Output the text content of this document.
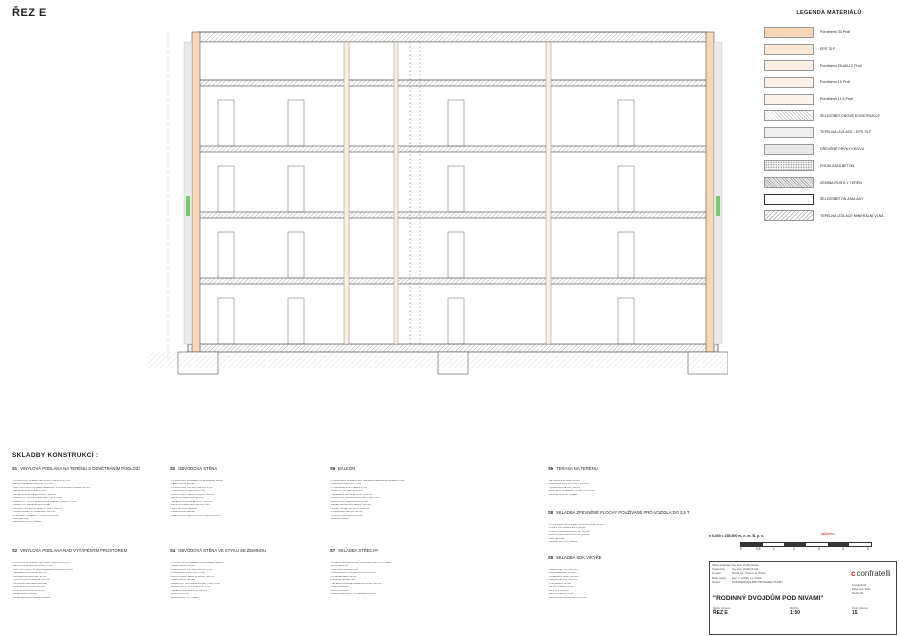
ŘEZ E	LEGENDA MATERIÁLŮ
Porotherm 30 Profi
EPS 70 F
Porotherm 25 AKU Z Profi
Porotherm 15 Profi
Porotherm 11,5 Profi
ŽELEZOBETONOVÉ KONSTRUKCE
TEPELNÁ IZOLACE - EPS 70 F
DŘEVĚNÉ PRVKY KROVU
PODKLADNÍ BETON
ZEMINA ROSTLÝ TERÉN
ŽELEZOBETON ZÁKLADY
TEPELNÁ IZOLACE MINERÁLNÍ VLNA
SKLADBY KONSTRUKCÍ :
S1 VINYLOVÁ PODLAHA NA TERÉNU S ODVĚTRÁNÍM PODLOŽÍ
- POVRCHOVÁ ÚPRAVA VINYLOVÁ PODLAHA, 4,5 mm
- LEPICÍ DISPERZNÍ LEPIDLO, 1,5 mm
- ANHYDRITOVÁ LITÁ SAMONIVELAČNÍ VYROVNÁVACÍ STĚRKA, 60 mm
- SEPARAČNÍ PE FÓLIE, 0,2 mm
- TEPELNÁ IZOLACE EPS 100 S, 100 mm
- ASFALTOVÝ PÁS MODIFIKOVANÝ SBS, 4 mm
- ASFALTOVÝ PÁS S VLOŽKOU ZE SKELNÉ TKANINY, 4 mm
- ASFALTOVÝ PENETRAČNÍ NÁTĚR
- NOSNÁ PODKLADNÍ DESKA C 25/30, 150 mm
- ODVĚTRÁVACÍ SYSTÉM IGLŮ, 400 mm
- ZHUTNĚNÝ ŠTĚRKOVÝ PODSYP, 150 mm
- GEOTEXTILIE
- ZEMINA, ROSTLÝ TERÉN
S2 VINYLOVÁ PODLAHA NAD VYTÁPĚNÝM PROSTOREM
- POVRCHOVÁ ÚPRAVA VINYLOVÁ PODLAHA, 4,5 mm
- LEPICÍ DISPERZNÍ LEPIDLO, 1,5 mm
- ANHYDRITOVÁ LITÁ SAMONIVELAČNÍ STĚRKA, 60 mm
- SEPARAČNÍ PE FÓLIE, 0,2 mm
- KROČEJOVÁ IZOLACE, 40 mm
- STROPNÍ KONSTRUKCE, 250 mm
- SPOJOVACÍ ADHEZNÍ MŮSTEK
- PODKLADNÍ OMÍTKA, 10 mm
- POVRCHOVÁ OMÍTKA, 2 mm
- PENETRAČNÍ NÁTĚR
- INTERIÉROVÁ DISPERZNÍ BARVA
S3 OBVODOVÁ STĚNA
- POVRCHOVÁ INTERIÉROVÁ DISPERZNÍ BARVA
- PENETRAČNÍ NÁTĚR
- POVRCHOVÁ VNITŘNÍ OMÍTKA, 2 mm
- PODKLADOVÁ OMÍTKA, 15 mm
- ZDIVO POROTHERM 30 PROFI, 300 mm
- LEPICÍ A STĚRKOVÁ HMOTA
- TEPELNÁ IZOLACE EPS 70 F, 160 mm
- LEPICÍ A STĚRKOVÁ HMOTA, 4 mm
- SKLOTEXTILNÍ MŘÍŽKA
- PENETRAČNÍ NÁTĚR
- SILIKONOVÁ TENKOVRSTVÁ OMÍTKA, 2 mm
S4 OBVODOVÁ STĚNA VE STYKU SE ZEMINOU
- POVRCHOVÁ INTERIÉROVÁ DISPERZNÍ BARVA
- PENETRAČNÍ NÁTĚR
- POVRCHOVÁ VNITŘNÍ OMÍTKA, 2 mm
- PODKLADOVÁ OMÍTKA, 15 mm
- ZDIVO POROTHERM 30 PROFI, 300 mm
- PENETRAČNÍ NÁTĚR
- ASFALTOVÝ PÁS MODIFIKOVANÝ SBS, 4 mm
- ASFALTOVÝ PÁS S VLOŽKOU, 4 mm
- TEPELNÁ IZOLACE XPS, 160 mm
- NOPOVÁ FÓLIE
- ZEMINA, ROSTLÝ TERÉN
S5 BALKÓN
- POVRCHOVÁ ÚPRAVA PROTISKLUZNÁ KERAMICKÁ DLAŽBA, 8 mm
- FLEXIBILNÍ LEPIDLO, 5 mm
- HYDROIZOLAČNÍ STĚRKA, 2 mm
- SPÁDOVÝ POTĚR, 40-60 mm
- TEPELNÁ IZOLACE EPS 150 S, 80 mm
- ASFALTOVÝ PÁS MODIFIKOVANÝ SBS, 4 mm
- ASFALTOVÝ PENETRAČNÍ NÁTĚR
- ŽELEZOBETONOVÁ DESKA, 200 mm
- NOSNÝ PRVEK SCHÖCK ISOKORB
- PODKLADNÍ OMÍTKA, 10 mm
- POVRCHOVÁ OMÍTKA, 2 mm
- FASÁDNÍ BARVA
S7 SKLADBA STŘECHY
- STŘEŠNÍ SKLÁDANÁ KRYTINA Z BETONOVÝCH TAŠEK
- LATĚ 40x60 mm
- KONTRALATĚ 40x60 mm
- DOPLŇKOVÁ HYDROIZOLAČNÍ VRSTVA
- PLNÉ BEDNĚNÍ, 24 mm
- KROKVE 100x160 mm
- TEPELNÁ IZOLACE MINERÁLNÍ VLNA, 160 mm
- PAROZÁBRANA
- ROŠT 30x50 mm
- SÁDROKARTONOVÝ PODHLED, 12,5 mm
S6 TERASA NA TERÉNU
- BETONOVÁ DLAŽBA, 60 mm
- DRENÁŽNÍ VRSTVA Z DRTI, 100 mm
- PODKLADNÍ BETON, 150 mm
- ZHUTNĚNÝ ŠTĚRKOVÝ PODSYP, 150 mm
- ZEMINA, ROSTLÝ TERÉN
S8 SKLADBA ZPEVNĚNÉ PLOCHY POUŽÍVANÉ PRO VOZIDLA DO 3,5 T
- VYSOKOPEVNOSTNÍ BETONOVÁ DLAŽBA, 80 mm
- LOŽE Z DRTI FRAKCE 4-8, 40 mm
- HORNÍ PODKLADNÍ VRSTVA, 150 mm
- DOLNÍ PODKLADNÍ VRSTVA, 200 mm
- GEOTEXTILIE
- ZEMINA, ROSTLÝ TERÉN
S9 SKLADBA SDK VIKÝŘE
- SÁDROKARTON, 12,5 mm
- PAROZÁBRANA, 0,2 mm
- MINERÁLNÍ VLNA, 160 mm
- SÁDROKARTON, 12,5 mm
- OSB DESKA, 22 mm
- LEPICÍ STĚRKA, 4 mm
- EPS 70 F, 100 mm
- LEPICÍ STĚRKA, 4 mm
- STRUKTUROVANÁ OMÍTKA, 2 mm
± 0,000 = 235,000 m. n. m. B. p. v.	MĚŘÍTKO
0	0,5	1	2	3	4	5
Hlavní projektant:Ing. arch. Ondřej Novák
Vypracoval:	Ing. arch. Ondřej Novák
Investor:	Novák Jan, Husova 12, Praha
Místo stavby: parc. č. 1234/5, k.ú. Praha
Stupeň:	DOKUMENTACE PRO PROVEDENÍ STAVBY
cconfratelli
"RODINNÝ DVOJDŮM POD NIVAMI"
Název výkresu:
ŘEZ E
Měřítko:
1:50
Číslo výkresu:
15
Formát:6xA4
Datum:12 / 2022
Revize:00
